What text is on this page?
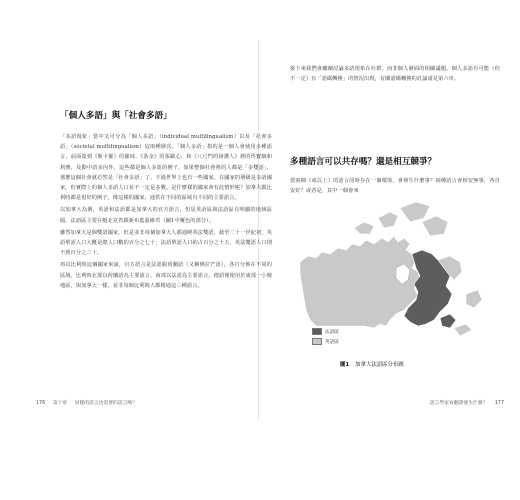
「個人多語」與「社會多語」

「多語現象」當中又可分為「個人多語」（individual multilingualism）以及「社會多語」（societal multilingualism）這兩種層次。「個人多語」指的是一個人會使用多種語言，前面提到《斯卡羅》的羅妹、《茶金》的張歐心，和《八尺門的辯護人》裡的佟寶駒和莉雅，及動中語多內外，這些都是個人多語的例子，如果整個社會裡的人都是「多雙語」，那麼這個社會就必然是「社會多語」了。不過世界上也有一些國家，在國家的層級是多語國家，但實際上的個人多語人口並不一定是多數。是什麼樣的國家會有此情形呢？加拿大跟比利時都是很好的例子。像這樣的國家，通常在不同的區域有不同的主要語言。

以加拿大為例，英語和法語都是加拿大的官方語言，但是英語區與法語區有明顯的地域區隔，法語區主要在魁北克省跟新布藍茲維省（圖1中覆色的部分）。

雖然加拿大是個雙語國家，但是並非每個加拿大人都通曉英法雙語，截至二十一世紀初，英語單語人口大概是總人口數的百分之七十，法語單語人口約占百分之十五，英法雙語人口則不到百分之二十。

再以比利時這個國家來說，官方語言是法語跟荷蘭語（又稱佛拉芒語），各自分佈在不同的區域，比利時北部以荷蘭語為主要語言，南部以法語為主要語言，德語僅使用於東部一小塊地區，與加拿大一樣，並非每個比利時人都精通這三種語言。

176 第十章 同樣的語言也需要的語言嗎？

接下來我們會繼續討論多語現象在社群，而非個人層面的相關議題。個人多語有可能（但不一定）有「語碼轉換」的情況出現，有關語碼轉換的討論請見第六章。

多種語言可以共存嗎？還是相互競爭？

當兩個（或以上）的語言同時存在一個環境，會發生什麼事？兩種語言會相安無事，各自安好？或者是，其中一個會來

法語區
英語區
圖1 加拿大法語區分布圖
語言學家看翻譯發生什麼？ 177
